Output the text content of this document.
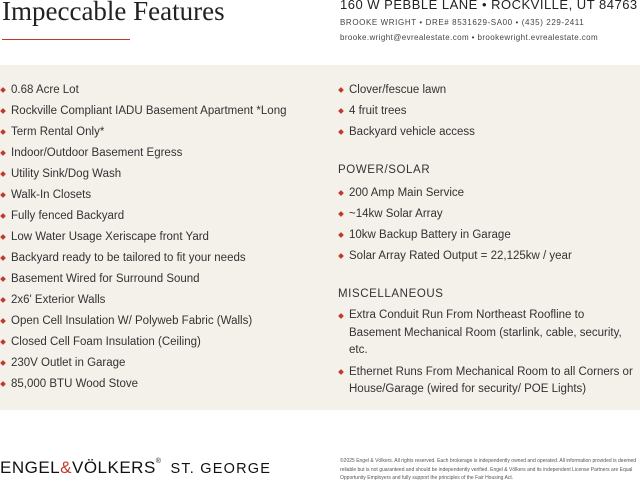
Impeccable Features	160 W PEBBLE LANE • ROCKVILLE, UT 84763
BROOKE WRIGHT • DRE# 8531629-SA00 • (435) 229-2411
brooke.wright@evrealestate.com • brookewright.evrealestate.com
0.68 Acre Lot
Rockville Compliant IADU Basement Apartment *Long
Term Rental Only*
Indoor/Outdoor Basement Egress
Utility Sink/Dog Wash
Walk-In Closets
Fully fenced Backyard
Low Water Usage Xeriscape front Yard
Backyard ready to be tailored to fit your needs
Basement Wired for Surround Sound
2x6' Exterior Walls
Open Cell Insulation W/ Polyweb Fabric (Walls)
Closed Cell Foam Insulation (Ceiling)
230V Outlet in Garage
85,000 BTU Wood Stove
Clover/fescue lawn
4 fruit trees
Backyard vehicle access
POWER/SOLAR
200 Amp Main Service
~14kw Solar Array
10kw Backup Battery in Garage
Solar Array Rated Output = 22,125kw / year
MISCELLANEOUS
Extra Conduit Run From Northeast Roofline to Basement Mechanical Room (starlink, cable, security, etc.
Ethernet Runs From Mechanical Room to all Corners or House/Garage (wired for security/ POE Lights)
ENGEL&VÖLKERS® ST. GEORGE	©2025 Engel & Völkers. All rights reserved. Each brokerage is independently owned and operated. All information provided is deemed reliable but is not guaranteed and should be independently verified. Engel & Völkers and its independent License Partners are Equal Opportunity Employers and fully support the principles of the Fair Housing Act.
